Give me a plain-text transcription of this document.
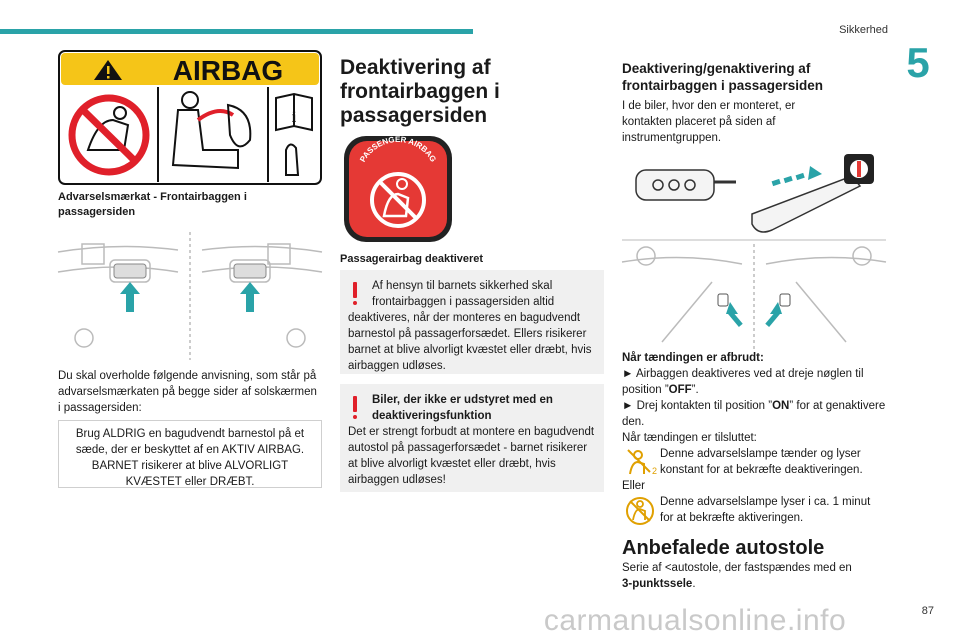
Sikkerhed
5
AIRBAG
i
Advarselsmærkat - Frontairbaggen i passagersiden

Du skal overholde følgende anvisning, som står på advarselsmærkaten på begge sider af solskærmen i passagersiden:

Brug ALDRIG en bagudvendt barnestol på et sæde, der er beskyttet af en AKTIV AIRBAG. BARNET risikerer at blive ALVORLIGT KVÆSTET eller DRÆBT.
Deaktivering af frontairbaggen i passagersiden
PASSENGER AIRBAG
Passagerairbag deaktiveret
Af hensyn til barnets sikkerhed skal frontairbaggen i passagersiden altid
deaktiveres, når der monteres en bagudvendt barnestol på passagerforsædet. Ellers risikerer barnet at blive alvorligt kvæstet eller dræbt, hvis airbaggen udløses.
Biler, der ikke er udstyret med en deaktiveringsfunktion
Det er strengt forbudt at montere en bagudvendt autostol på passagerforsædet - barnet risikerer at blive alvorligt kvæstet eller dræbt, hvis airbaggen udløses!
Deaktivering/genaktivering af frontairbaggen i passagersiden

I de biler, hvor den er monteret, er kontakten placeret på siden af instrumentgruppen.

Når tændingen er afbrudt:
► Airbaggen deaktiveres ved at dreje nøglen til position ”OFF”.
► Drej kontakten til position ”ON” for at genaktivere den.
Når tændingen er tilsluttet:
2

Denne advarselslampe tænder og lyser konstant for at bekræfte deaktiveringen.

Eller

Denne advarselslampe lyser i ca. 1 minut for at bekræfte aktiveringen.

Anbefalede autostole
Serie af <autostole, der fastspændes med en
3-punktssele.
carmanualsonline.info	87
